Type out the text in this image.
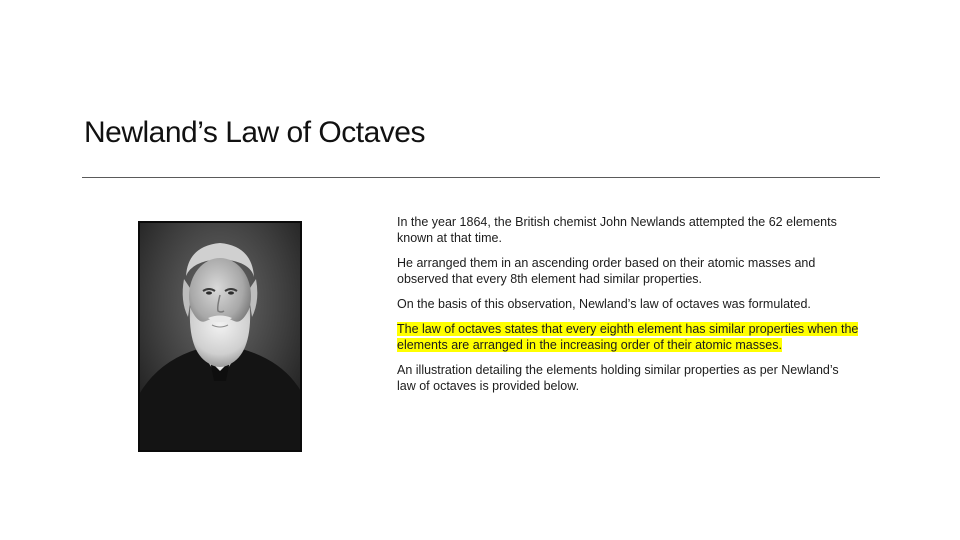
Newland’s Law of Octaves

In the year 1864, the British chemist John Newlands attempted the 62 elements known at that time.

He arranged them in an ascending order based on their atomic masses and observed that every 8th element had similar properties.

On the basis of this observation, Newland’s law of octaves was formulated.

The law of octaves states that every eighth element has similar properties when the elements are arranged in the increasing order of their atomic masses.

An illustration detailing the elements holding similar properties as per Newland’s law of octaves is provided below.
